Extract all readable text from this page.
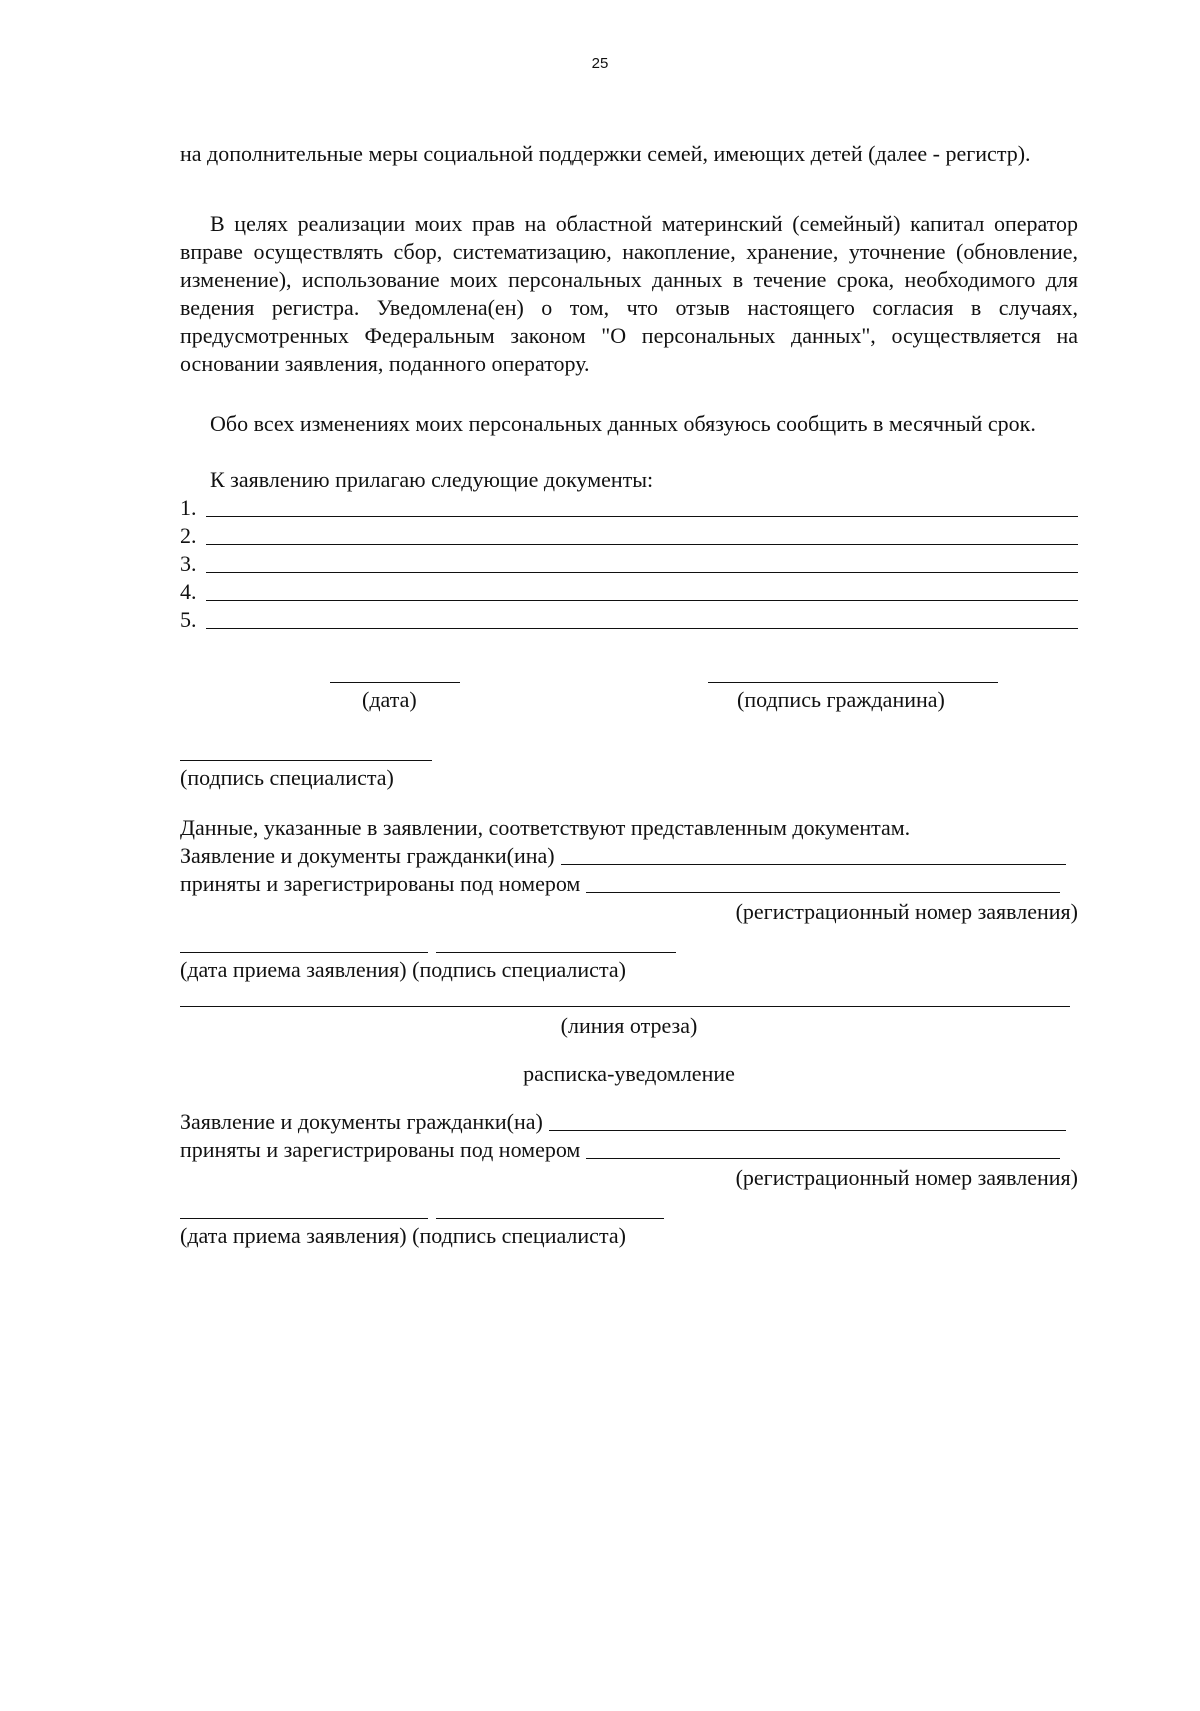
25

на дополнительные меры социальной поддержки семей, имеющих детей (далее - регистр).

В целях реализации моих прав на областной материнский (семейный) капитал оператор вправе осуществлять сбор, систематизацию, накопление, хранение, уточнение (обновление, изменение), использование моих персональных данных в течение срока, необходимого для ведения регистра. Уведомлена(ен) о том, что отзыв настоящего согласия в случаях, предусмотренных Федеральным законом "О персональных данных", осуществляется на основании заявления, поданного оператору.

Обо всех изменениях моих персональных данных обязуюсь сообщить в месячный срок.

К заявлению прилагаю следующие документы:

1.
2.
3.
4.
5.
(дата)	(подпись гражданина)
(подпись специалиста)
Данные, указанные в заявлении, соответствуют представленным документам.
Заявление и документы гражданки(ина)
приняты и зарегистрированы под номером
(регистрационный номер заявления)
(дата приема заявления) (подпись специалиста)
(линия отреза)
расписка-уведомление
Заявление и документы гражданки(на)
приняты и зарегистрированы под номером
(регистрационный номер заявления)
(дата приема заявления) (подпись специалиста)
